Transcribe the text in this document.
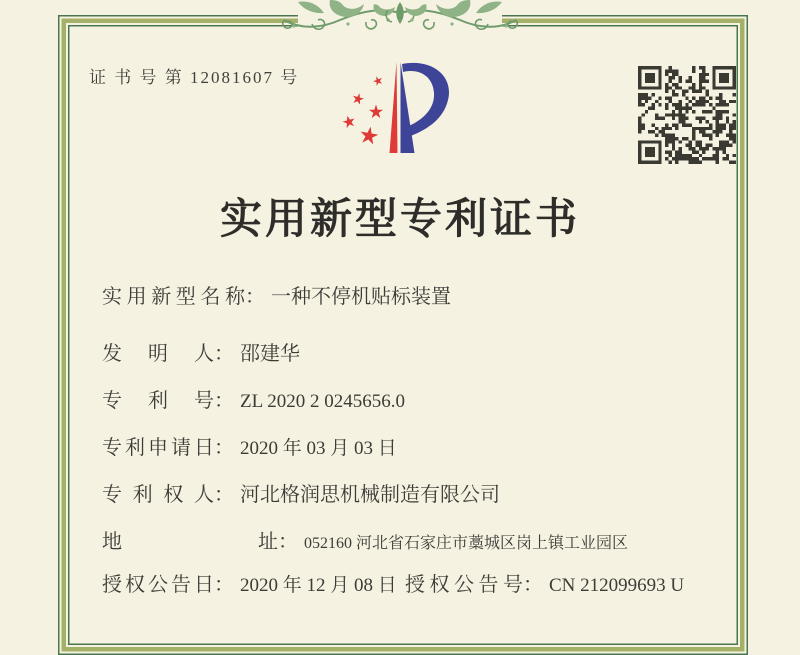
证 书 号 第 12081607 号
实用新型专利证书
实用新型名称： 一种不停机贴标装置
发明人： 邵建华
专利号： ZL 2020 2 0245656.0
专利申请日： 2020 年 03 月 03 日
专利权人： 河北格润思机械制造有限公司
地址： 052160 河北省石家庄市藁城区岗上镇工业园区
授权公告日： 2020 年 12 月 08 日 授权公告号： CN 212099693 U
